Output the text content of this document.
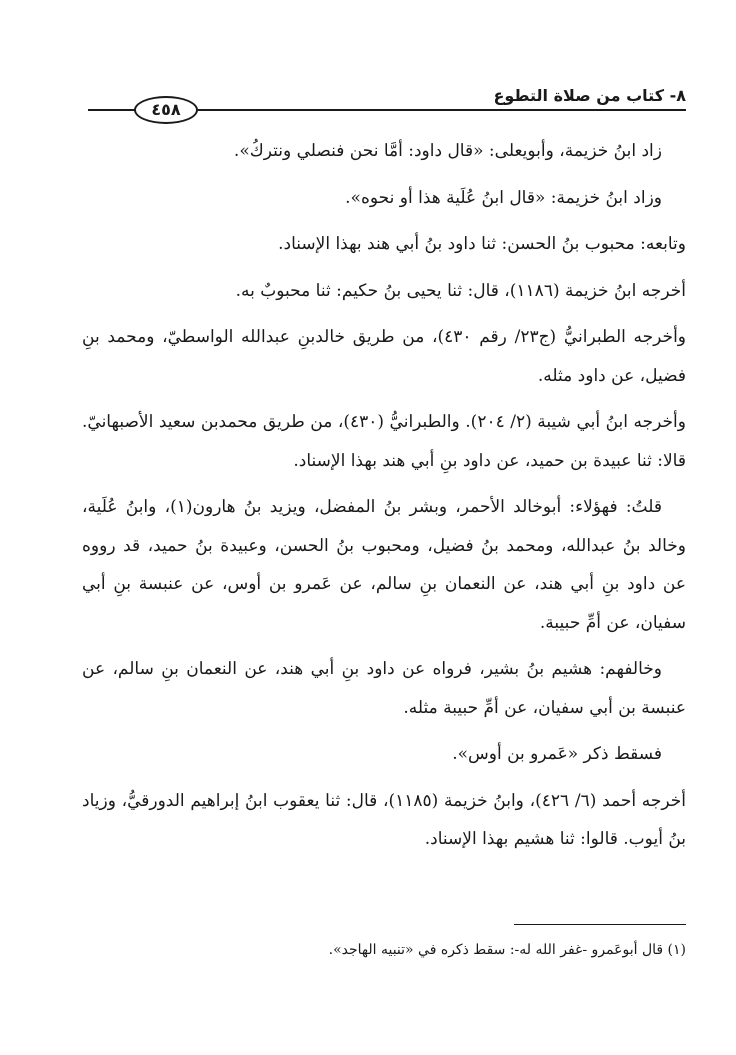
٨- كتاب من صلاة التطوع
٤٥٨

زاد ابنُ خزيمة، وأبويعلى: «قال داود: أمَّا نحن فنصلي ونتركُ».

وزاد ابنُ خزيمة: «قال ابنُ عُلَية هذا أو نحوه».

وتابعه: محبوب بنُ الحسن: ثنا داود بنُ أبي هند بهذا الإسناد.

أخرجه ابنُ خزيمة (١١٨٦)، قال: ثنا يحيى بنُ حكيم: ثنا محبوبٌ به.

وأخرجه الطبرانيُّ (ج٢٣/ رقم ٤٣٠)، من طريق خالدبنِ عبدالله الواسطيّ، ومحمد بنِ فضيل، عن داود مثله.

وأخرجه ابنُ أبي شيبة (٢/ ٢٠٤). والطبرانيُّ (٤٣٠)، من طريق محمدبن سعيد الأصبهانيّ. قالا: ثنا عبيدة بن حميد، عن داود بنِ أبي هند بهذا الإسناد.

قلتُ: فهؤلاء: أبوخالد الأحمر، وبشر بنُ المفضل، ويزيد بنُ هارون(١)، وابنُ عُلَية، وخالد بنُ عبدالله، ومحمد بنُ فضيل، ومحبوب بنُ الحسن، وعبيدة بنُ حميد، قد رووه عن داود بنِ أبي هند، عن النعمان بنِ سالم، عن عَمرو بن أوس، عن عنبسة بنِ أبي سفيان، عن أمِّ حبيبة.

وخالفهم: هشيم بنُ بشير، فرواه عن داود بنِ أبي هند، عن النعمان بنِ سالم، عن عنبسة بن أبي سفيان، عن أمِّ حبيبة مثله.

فسقط ذكر «عَمرو بن أوس».

أخرجه أحمد (٦/ ٤٢٦)، وابنُ خزيمة (١١٨٥)، قال: ثنا يعقوب ابنُ إبراهيم الدورقيُّ، وزياد بنُ أيوب. قالوا: ثنا هشيم بهذا الإسناد.

(١) قال أبوعَمرو -غفر الله له-: سقط ذكره في «تنبيه الهاجد».
